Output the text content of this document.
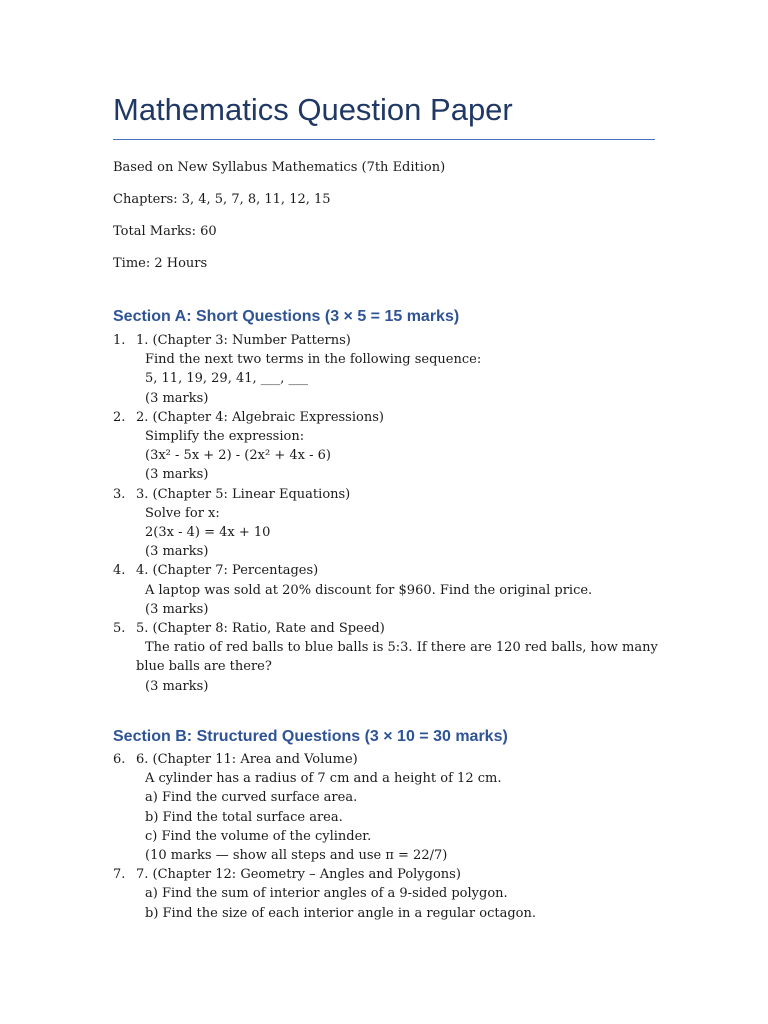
Mathematics Question Paper

Based on New Syllabus Mathematics (7th Edition)

Chapters: 3, 4, 5, 7, 8, 11, 12, 15

Total Marks: 60

Time: 2 Hours

Section A: Short Questions (3 × 5 = 15 marks)
1. 1. (Chapter 3: Number Patterns)
Find the next two terms in the following sequence:
5, 11, 19, 29, 41, ___, ___
(3 marks)
2. 2. (Chapter 4: Algebraic Expressions)
Simplify the expression:
(3x² - 5x + 2) - (2x² + 4x - 6)
(3 marks)
3. 3. (Chapter 5: Linear Equations)
Solve for x:
2(3x - 4) = 4x + 10
(3 marks)
4. 4. (Chapter 7: Percentages)
A laptop was sold at 20% discount for $960. Find the original price.
(3 marks)
5. 5. (Chapter 8: Ratio, Rate and Speed)
The ratio of red balls to blue balls is 5:3. If there are 120 red balls, how many blue balls are there?
(3 marks)
Section B: Structured Questions (3 × 10 = 30 marks)
6. 6. (Chapter 11: Area and Volume)
A cylinder has a radius of 7 cm and a height of 12 cm.
a) Find the curved surface area.
b) Find the total surface area.
c) Find the volume of the cylinder.
(10 marks — show all steps and use π = 22/7)
7. 7. (Chapter 12: Geometry – Angles and Polygons)
a) Find the sum of interior angles of a 9-sided polygon.
b) Find the size of each interior angle in a regular octagon.
